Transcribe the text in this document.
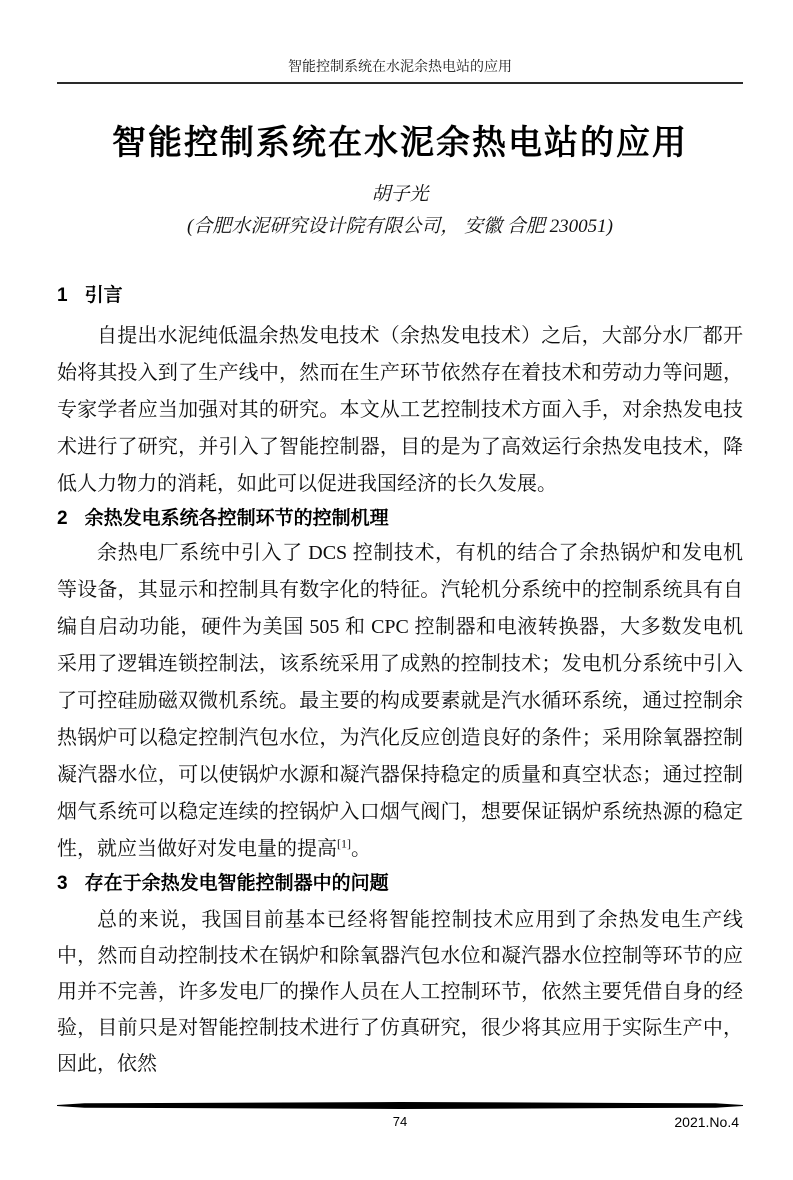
智能控制系统在水泥余热电站的应用
智能控制系统在水泥余热电站的应用
胡子光
(合肥水泥研究设计院有限公司， 安徽 合肥 230051)
1 引言

自提出水泥纯低温余热发电技术（余热发电技术）之后，大部分水厂都开始将其投入到了生产线中，然而在生产环节依然存在着技术和劳动力等问题，专家学者应当加强对其的研究。本文从工艺控制技术方面入手，对余热发电技术进行了研究，并引入了智能控制器，目的是为了高效运行余热发电技术，降低人力物力的消耗，如此可以促进我国经济的长久发展。

2 余热发电系统各控制环节的控制机理

余热电厂系统中引入了 DCS 控制技术，有机的结合了余热锅炉和发电机等设备，其显示和控制具有数字化的特征。汽轮机分系统中的控制系统具有自编自启动功能，硬件为美国 505 和 CPC 控制器和电液转换器，大多数发电机采用了逻辑连锁控制法，该系统采用了成熟的控制技术；发电机分系统中引入了可控硅励磁双微机系统。最主要的构成要素就是汽水循环系统，通过控制余热锅炉可以稳定控制汽包水位，为汽化反应创造良好的条件；采用除氧器控制凝汽器水位，可以使锅炉水源和凝汽器保持稳定的质量和真空状态；通过控制烟气系统可以稳定连续的控锅炉入口烟气阀门，想要保证锅炉系统热源的稳定性，就应当做好对发电量的提高[1]。

3 存在于余热发电智能控制器中的问题

总的来说，我国目前基本已经将智能控制技术应用到了余热发电生产线中，然而自动控制技术在锅炉和除氧器汽包水位和凝汽器水位控制等环节的应用并不完善，许多发电厂的操作人员在人工控制环节，依然主要凭借自身的经验，目前只是对智能控制技术进行了仿真研究，很少将其应用于实际生产中，因此，依然

74	2021.No.4
